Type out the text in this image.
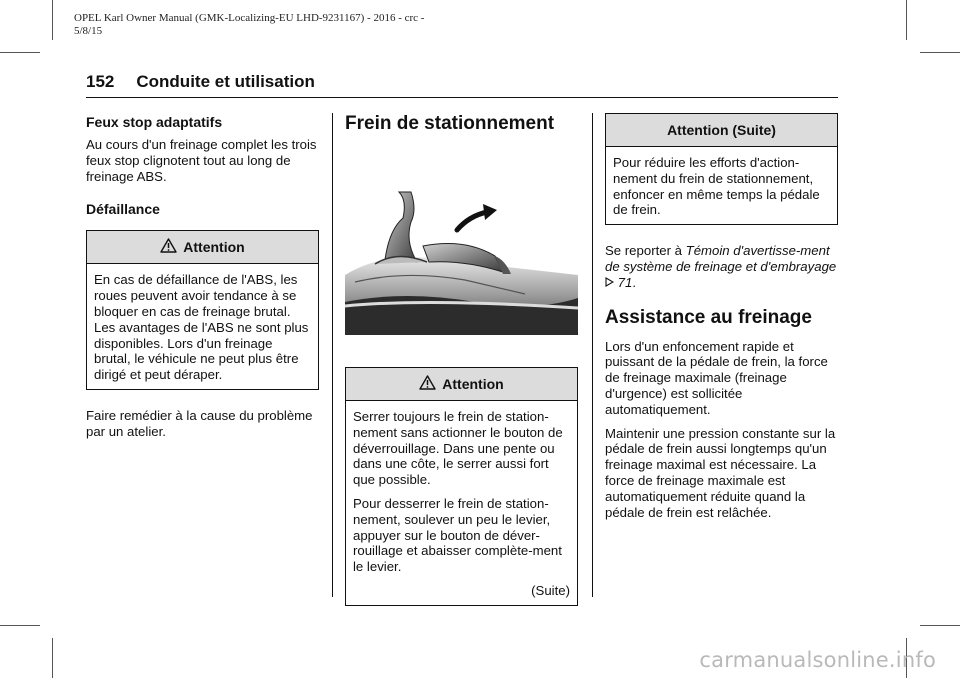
OPEL Karl Owner Manual (GMK-Localizing-EU LHD-9231167) - 2016 - crc -
5/8/15
152 Conduite et utilisation
Feux stop adaptatifs

Au cours d'un freinage complet les trois feux stop clignotent tout au long de freinage ABS.

Défaillance
Attention

En cas de défaillance de l'ABS, les roues peuvent avoir tendance à se bloquer en cas de freinage brutal. Les avantages de l'ABS ne sont plus disponibles. Lors d'un freinage brutal, le véhicule ne peut plus être dirigé et peut déraper.

Faire remédier à la cause du problème par un atelier.

Frein de stationnement
Attention

Serrer toujours le frein de station-nement sans actionner le bouton de déverrouillage. Dans une pente ou dans une côte, le serrer aussi fort que possible.

Pour desserrer le frein de station-nement, soulever un peu le levier, appuyer sur le bouton de déver-rouillage et abaisser complète-ment le levier.

(Suite)
Attention (Suite)

Pour réduire les efforts d'action-nement du frein de stationnement, enfoncer en même temps la pédale de frein.

Se reporter à Témoin d'avertisse-ment de système de freinage et d'embrayage  71.

Assistance au freinage

Lors d'un enfoncement rapide et puissant de la pédale de frein, la force de freinage maximale (freinage d'urgence) est sollicitée automatiquement.

Maintenir une pression constante sur la pédale de frein aussi longtemps qu'un freinage maximal est nécessaire. La force de freinage maximale est automatiquement réduite quand la pédale de frein est relâchée.

carmanualsonline.info
